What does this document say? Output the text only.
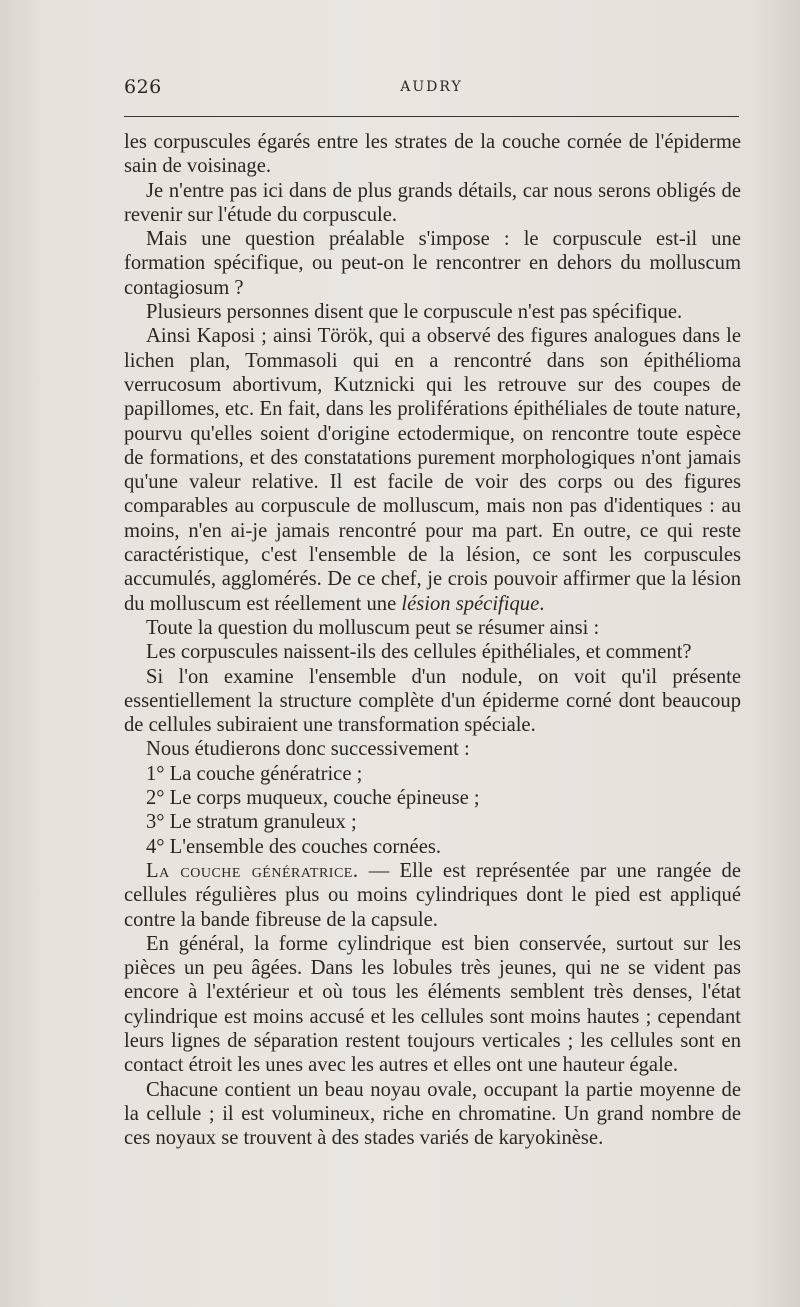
626	AUDRY

les corpuscules égarés entre les strates de la couche cornée de l'épiderme sain de voisinage.

Je n'entre pas ici dans de plus grands détails, car nous serons obligés de revenir sur l'étude du corpuscule.

Mais une question préalable s'impose : le corpuscule est-il une formation spécifique, ou peut-on le rencontrer en dehors du molluscum contagiosum ?

Plusieurs personnes disent que le corpuscule n'est pas spécifique.

Ainsi Kaposi ; ainsi Török, qui a observé des figures analogues dans le lichen plan, Tommasoli qui en a rencontré dans son épithélioma verrucosum abortivum, Kutznicki qui les retrouve sur des coupes de papillomes, etc. En fait, dans les proliférations épithéliales de toute nature, pourvu qu'elles soient d'origine ectodermique, on rencontre toute espèce de formations, et des constatations purement morphologiques n'ont jamais qu'une valeur relative. Il est facile de voir des corps ou des figures comparables au corpuscule de molluscum, mais non pas d'identiques : au moins, n'en ai-je jamais rencontré pour ma part. En outre, ce qui reste caractéristique, c'est l'ensemble de la lésion, ce sont les corpuscules accumulés, agglomérés. De ce chef, je crois pouvoir affirmer que la lésion du molluscum est réellement une lésion spécifique.

Toute la question du molluscum peut se résumer ainsi :

Les corpuscules naissent-ils des cellules épithéliales, et comment?

Si l'on examine l'ensemble d'un nodule, on voit qu'il présente essentiellement la structure complète d'un épiderme corné dont beaucoup de cellules subiraient une transformation spéciale.

Nous étudierons donc successivement :

1° La couche génératrice ;

2° Le corps muqueux, couche épineuse ;

3° Le stratum granuleux ;

4° L'ensemble des couches cornées.

La couche génératrice. — Elle est représentée par une rangée de cellules régulières plus ou moins cylindriques dont le pied est appliqué contre la bande fibreuse de la capsule.

En général, la forme cylindrique est bien conservée, surtout sur les pièces un peu âgées. Dans les lobules très jeunes, qui ne se vident pas encore à l'extérieur et où tous les éléments semblent très denses, l'état cylindrique est moins accusé et les cellules sont moins hautes ; cependant leurs lignes de séparation restent toujours verticales ; les cellules sont en contact étroit les unes avec les autres et elles ont une hauteur égale.

Chacune contient un beau noyau ovale, occupant la partie moyenne de la cellule ; il est volumineux, riche en chromatine. Un grand nombre de ces noyaux se trouvent à des stades variés de karyokinèse.
